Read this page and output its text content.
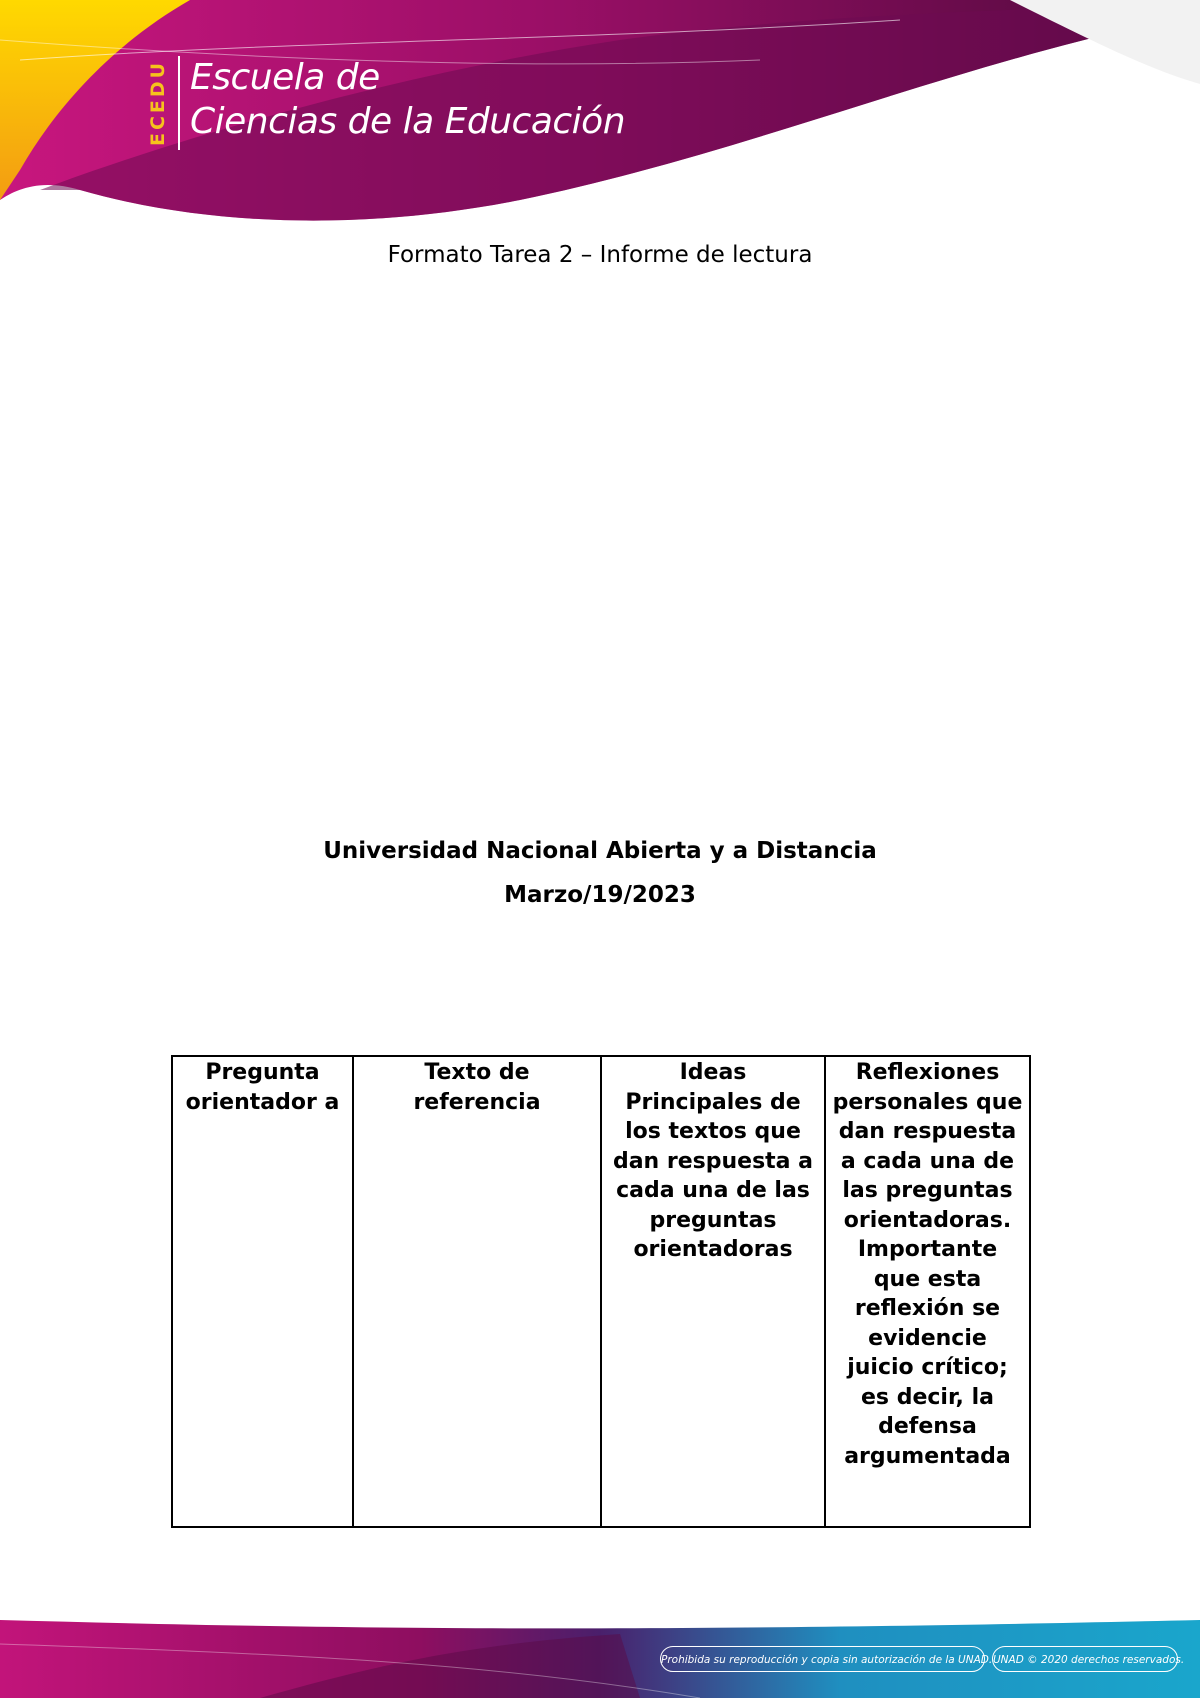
ECEDU Escuela de
Ciencias de la Educación
Formato Tarea 2 – Informe de lectura
Universidad Nacional Abierta y a Distancia
Marzo/19/2023
Pregunta orientador a	Texto de referencia	Ideas Principales de los textos que dan respuesta a cada una de las preguntas orientadoras	Reflexiones personales que dan respuesta a cada una de las preguntas orientadoras. Importante que esta reflexión se evidencie juicio crítico; es decir, la defensa argumentada
Prohibida su reproducción y copia sin autorización de la UNAD. UNAD © 2020 derechos reservados.
